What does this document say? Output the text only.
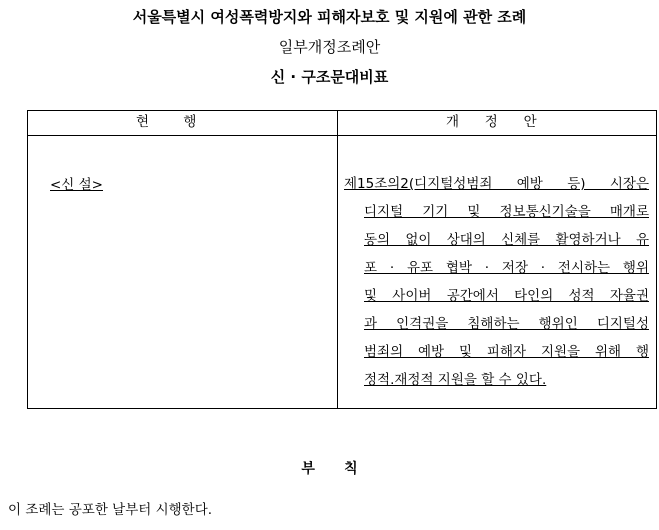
서울특별시 여성폭력방지와 피해자보호 및 지원에 관한 조례
일부개정조례안
신 · 구조문대비표
현        행	개      정      안
<신 설>	제15조의2(디지털성범죄 예방 등) 시장은
디지털 기기 및 정보통신기술을 매개로
동의 없이 상대의 신체를 활영하거나 유
포 · 유포 협박 · 저장 · 전시하는 행위
및 사이버 공간에서 타인의 성적 자율권
과 인격권을 침해하는 행위인 디지털성
범죄의 예방 및 피해자 지원을 위해 행
정적.재정적 지원을 할 수 있다.
부      칙
이 조례는 공포한 날부터 시행한다.
